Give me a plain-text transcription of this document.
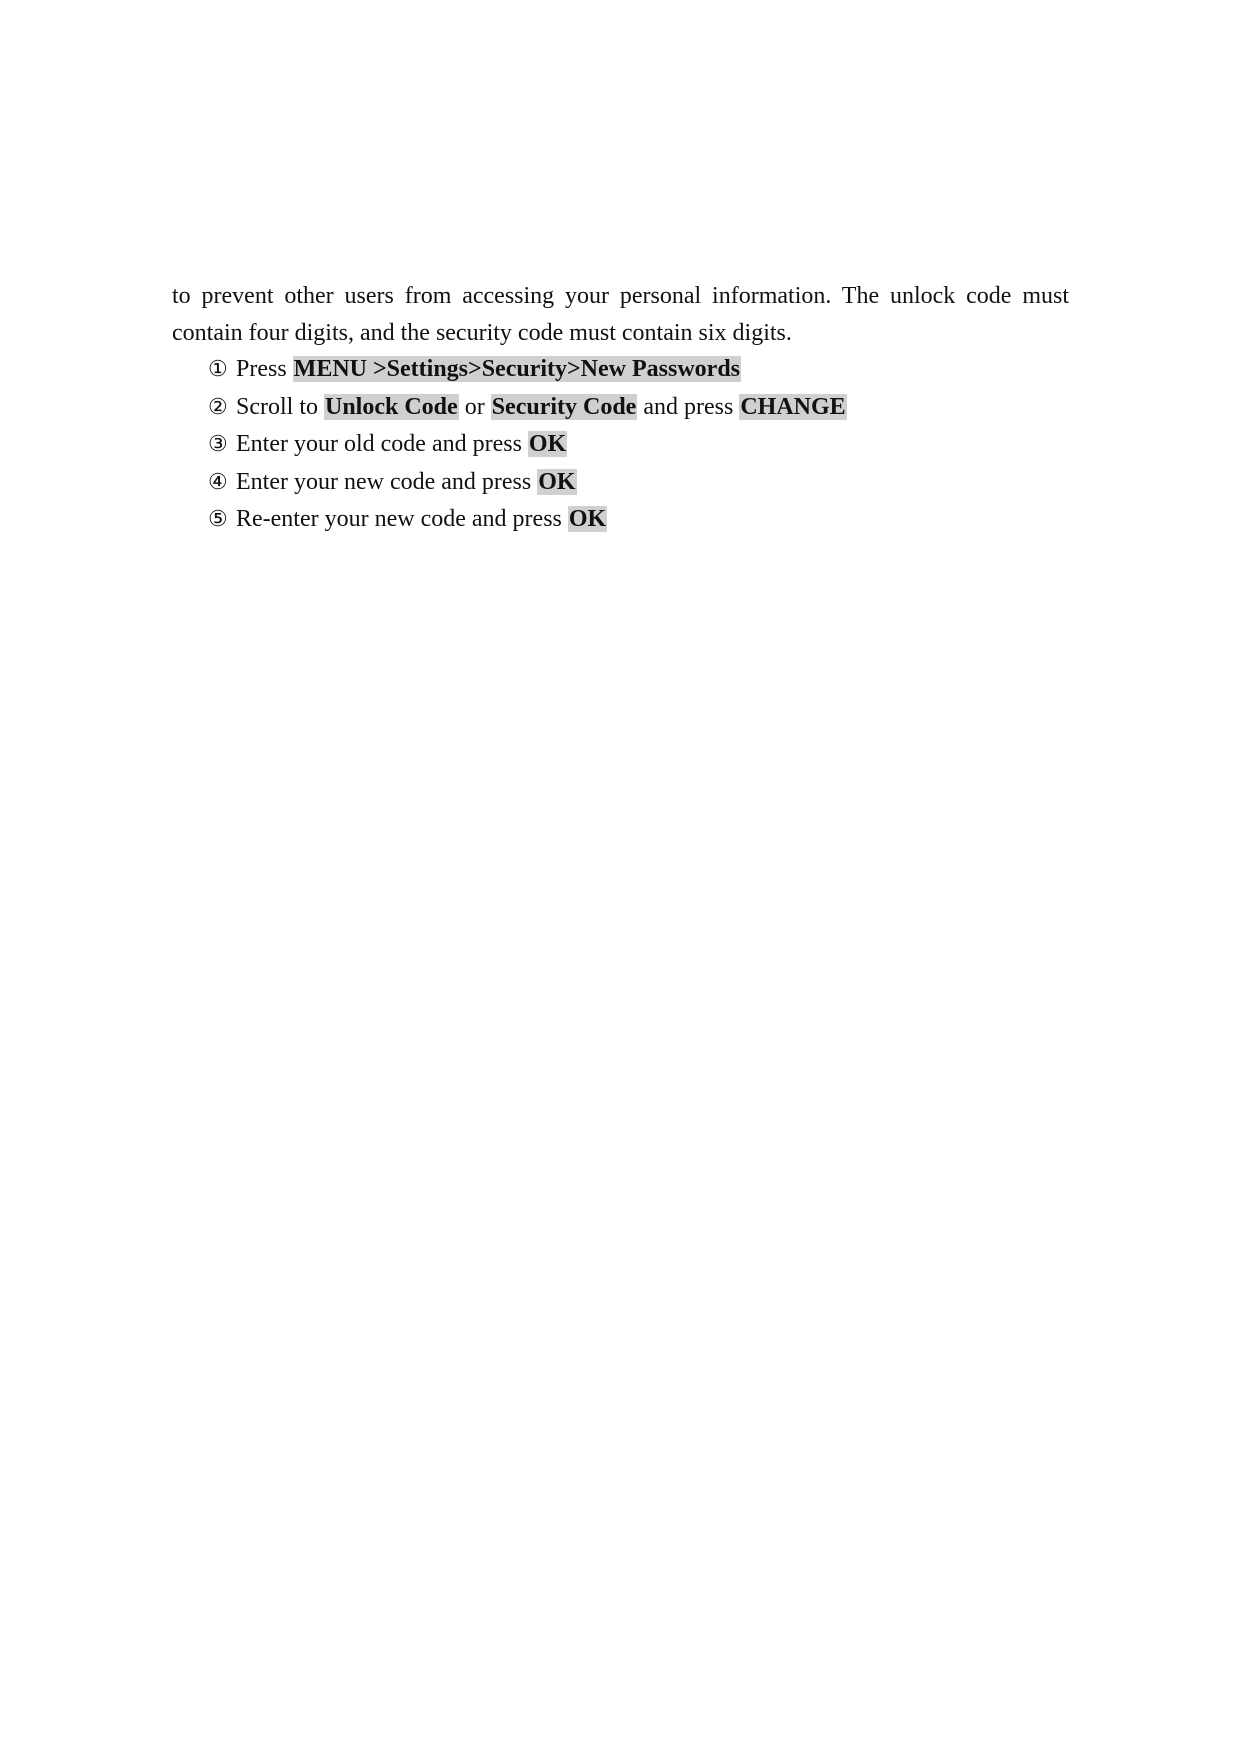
to prevent other users from accessing your personal information. The unlock code must
contain four digits, and the security code must contain six digits.

① Press MENU >Settings>Security>New Passwords
② Scroll to Unlock Code or Security Code and press CHANGE
③ Enter your old code and press OK
④ Enter your new code and press OK
⑤ Re-enter your new code and press OK
